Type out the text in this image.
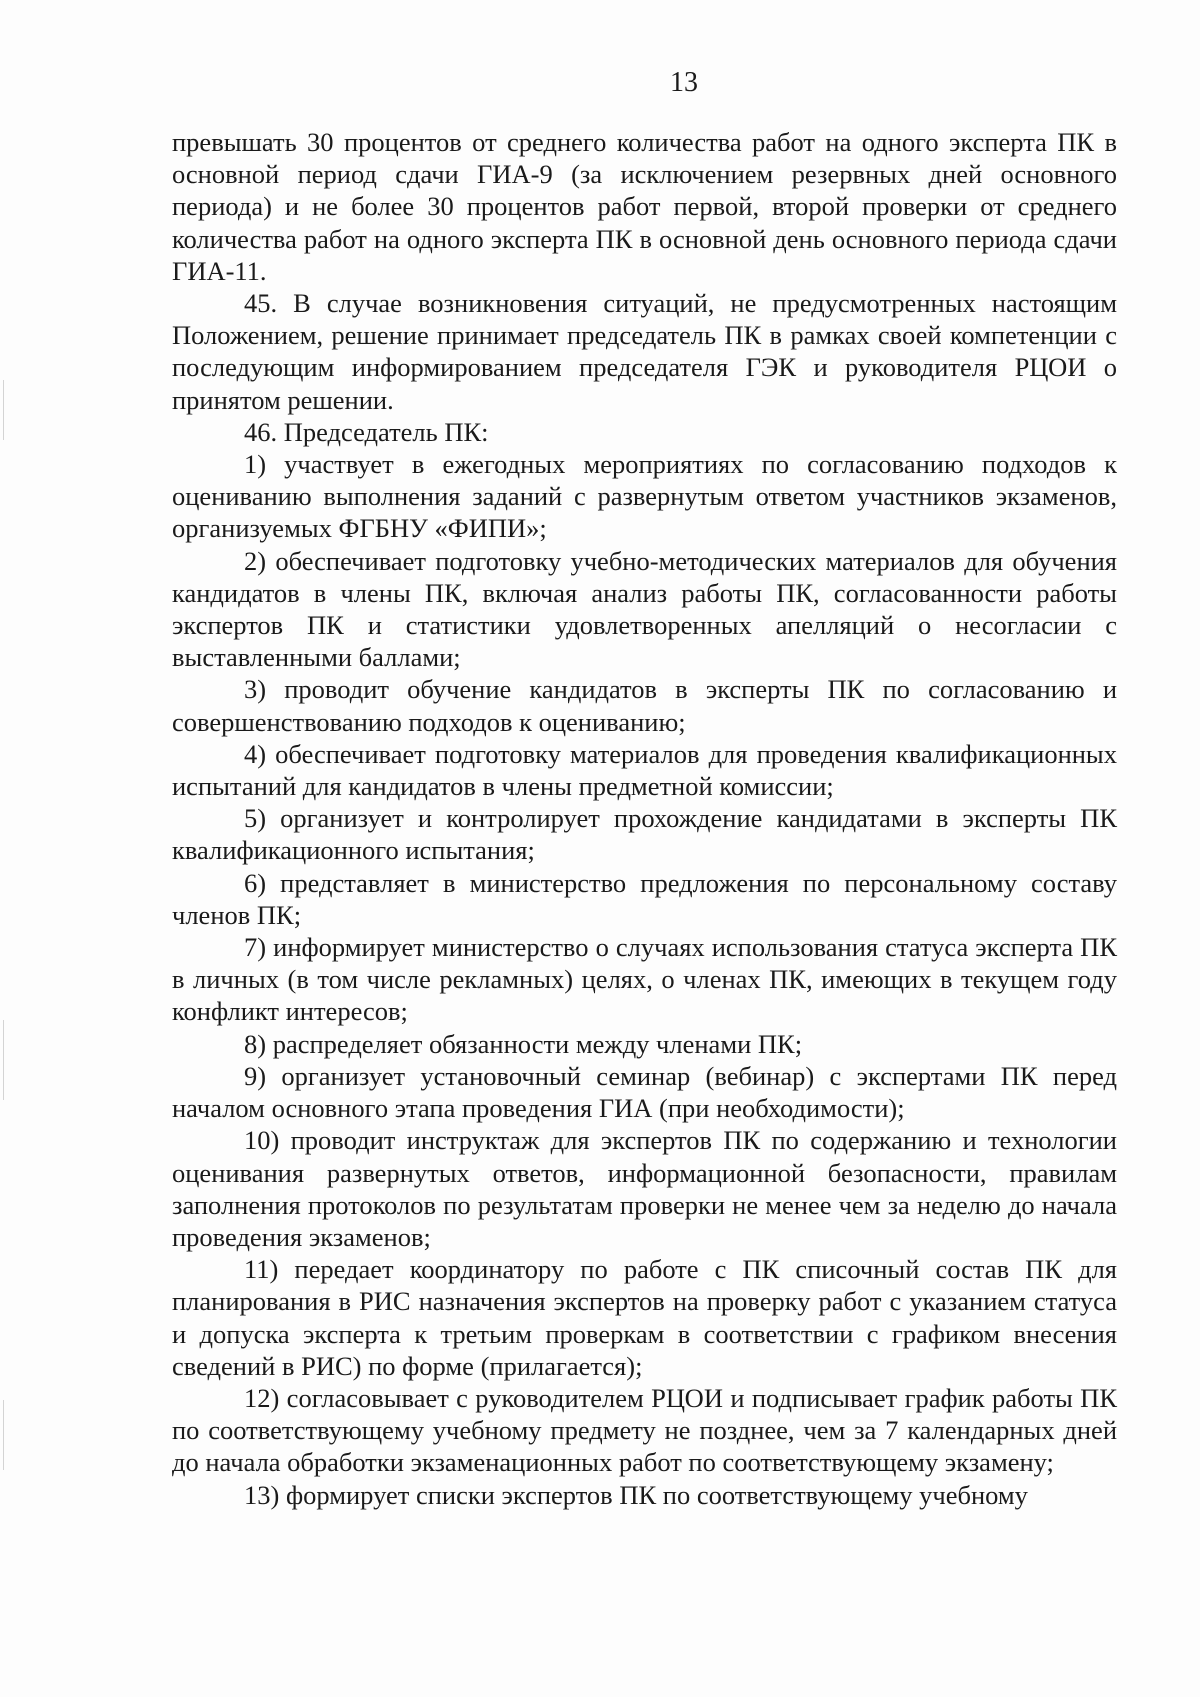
13

превышать 30 процентов от среднего количества работ на одного эксперта ПК в основной период сдачи ГИА-9 (за исключением резервных дней основного периода) и не более 30 процентов работ первой, второй проверки от среднего количества работ на одного эксперта ПК в основной день основного периода сдачи ГИА-11.

45. В случае возникновения ситуаций, не предусмотренных настоящим Положением, решение принимает председатель ПК в рамках своей компетенции с последующим информированием председателя ГЭК и руководителя РЦОИ о принятом решении.

46. Председатель ПК:

1) участвует в ежегодных мероприятиях по согласованию подходов к оцениванию выполнения заданий с развернутым ответом участников экзаменов, организуемых ФГБНУ «ФИПИ»;

2) обеспечивает подготовку учебно-методических материалов для обучения кандидатов в члены ПК, включая анализ работы ПК, согласованности работы экспертов ПК и статистики удовлетворенных апелляций о несогласии с выставленными баллами;

3) проводит обучение кандидатов в эксперты ПК по согласованию и совершенствованию подходов к оцениванию;

4) обеспечивает подготовку материалов для проведения квалификационных испытаний для кандидатов в члены предметной комиссии;

5) организует и контролирует прохождение кандидатами в эксперты ПК квалификационного испытания;

6) представляет в министерство предложения по персональному составу членов ПК;

7) информирует министерство о случаях использования статуса эксперта ПК в личных (в том числе рекламных) целях, о членах ПК, имеющих в текущем году конфликт интересов;

8) распределяет обязанности между членами ПК;

9) организует установочный семинар (вебинар) с экспертами ПК перед началом основного этапа проведения ГИА (при необходимости);

10) проводит инструктаж для экспертов ПК по содержанию и технологии оценивания развернутых ответов, информационной безопасности, правилам заполнения протоколов по результатам проверки не менее чем за неделю до начала проведения экзаменов;

11) передает координатору по работе с ПК списочный состав ПК для планирования в РИС назначения экспертов на проверку работ с указанием статуса и допуска эксперта к третьим проверкам в соответствии с графиком внесения сведений в РИС) по форме (прилагается);

12) согласовывает с руководителем РЦОИ и подписывает график работы ПК по соответствующему учебному предмету не позднее, чем за 7 календарных дней до начала обработки экзаменационных работ по соответствующему экзамену;

13) формирует списки экспертов ПК по соответствующему учебному
